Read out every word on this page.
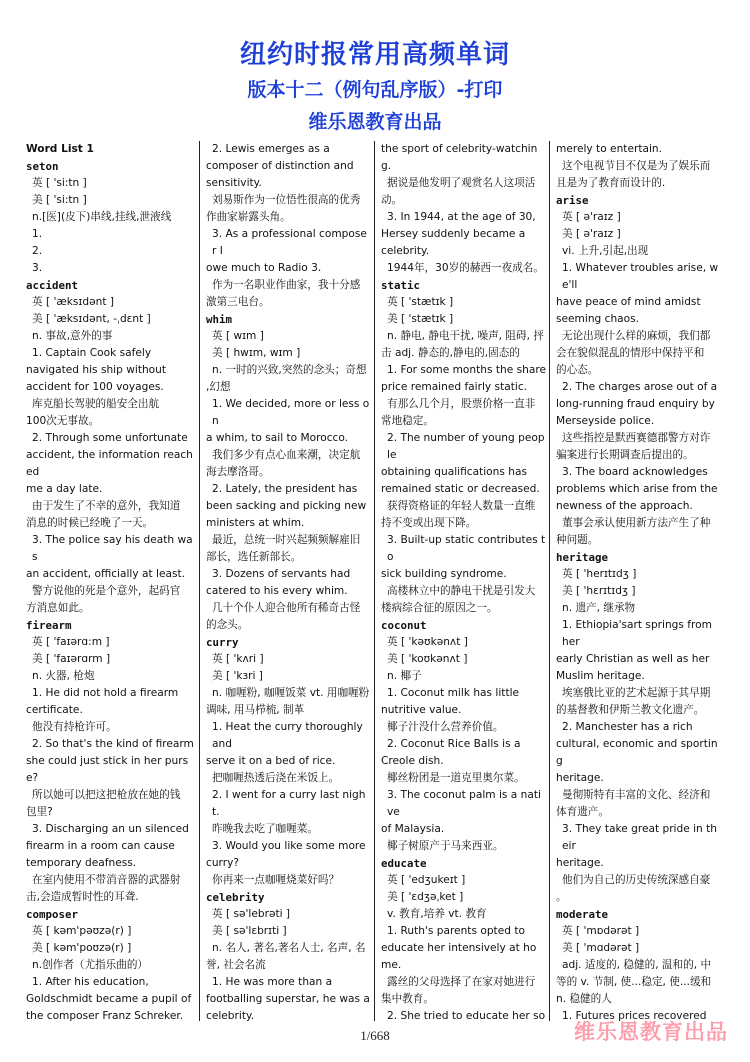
纽约时报常用高频单词
版本十二（例句乱序版）-打印
维乐恩教育出品
Word List 1
seton
英 [ 'si:tn ]
美 [ 'si:tn ]
n.[医](皮下)串线,挂线,泄液线
1.
2.
3.
accident
英 [ 'æksɪdənt ]
美 [ 'æksɪdənt, -ˌdɛnt ]
n. 事故,意外的事
1. Captain Cook safely
navigated his ship without
accident for 100 voyages.
库克船长驾驶的船安全出航
100次无事故。
2. Through some unfortunate
accident, the information reached
me a day late.
由于发生了不幸的意外，我知道
消息的时候已经晚了一天。
3. The police say his death was
an accident, officially at least.
警方说他的死是个意外，起码官
方消息如此。
firearm
英 [ 'faɪərɑ:m ]
美 [ 'faɪərɑrm ]
n. 火器, 枪炮
1. He did not hold a firearm
certificate.
他没有持枪许可。
2. So that's the kind of firearm
she could just stick in her purse?
所以她可以把这把枪放在她的钱
包里?
3. Discharging an un silenced
firearm in a room can cause
temporary deafness.
在室内使用不带消音器的武器射
击,会造成暂时性的耳聋.
composer
英 [ kəm'pəʊzə(r) ]
美 [ kəm'poʊzə(r) ]
n.创作者（尤指乐曲的）
1. After his education,
Goldschmidt became a pupil of
the composer Franz Schreker.
2. Lewis emerges as a
composer of distinction and
sensitivity.
刘易斯作为一位悟性很高的优秀
作曲家崭露头角。
3. As a professional composer I
owe much to Radio 3.
作为一名职业作曲家，我十分感
激第三电台。
whim
英 [ wɪm ]
美 [ hwɪm, wɪm ]
n. 一时的兴致,突然的念头；奇想
,幻想
1. We decided, more or less on
a whim, to sail to Morocco.
我们多少有点心血来潮，决定航
海去摩洛哥。
2. Lately, the president has
been sacking and picking new
ministers at whim.
最近，总统一时兴起频频解雇旧
部长，选任新部长。
3. Dozens of servants had
catered to his every whim.
几十个仆人迎合他所有稀奇古怪
的念头。
curry
英 [ 'kʌri ]
美 [ 'kɜri ]
n. 咖喱粉, 咖喱饭菜 vt. 用咖喱粉
调味, 用马栉梳, 制革
1. Heat the curry thoroughly and
serve it on a bed of rice.
把咖喱热透后浇在米饭上。
2. I went for a curry last night.
昨晚我去吃了咖喱菜。
3. Would you like some more
curry?
你再来一点咖喱烧菜好吗？
celebrity
英 [ sə'lebrəti ]
美 [ sə'lɛbrɪti ]
n. 名人, 著名,著名人士, 名声, 名
誉, 社会名流
1. He was more than a
footballing superstar, he was a
celebrity.
the sport of celebrity-watching.
据说是他发明了观赏名人这项活
动。
3. In 1944, at the age of 30,
Hersey suddenly became a
celebrity.
1944年，30岁的赫西一夜成名。
static
英 [ 'stætɪk ]
美 [ 'stætɪk ]
n. 静电, 静电干扰, 噪声, 阻碍, 抨
击 adj. 静态的,静电的,固态的
1. For some months the share
price remained fairly static.
有那么几个月，股票价格一直非
常地稳定。
2. The number of young people
obtaining qualifications has
remained static or decreased.
获得资格证的年轻人数量一直维
持不变或出现下降。
3. Built-up static contributes to
sick building syndrome.
高楼林立中的静电干扰是引发大
楼病综合征的原因之一。
coconut
英 [ 'kəʊkənʌt ]
美 [ 'koʊkənʌt ]
n. 椰子
1. Coconut milk has little
nutritive value.
椰子汁没什么营养价值。
2. Coconut Rice Balls is a
Creole dish.
椰丝粉团是一道克里奥尔菜。
3. The coconut palm is a native
of Malaysia.
椰子树原产于马来西亚。
educate
英 [ 'edʒukeɪt ]
美 [ 'ɛdʒəˌket ]
v. 教育,培养 vt. 教育
1. Ruth's parents opted to
educate her intensively at home.
露丝的父母选择了在家对她进行
集中教育。
2. She tried to educate her so
merely to entertain.
这个电视节目不仅是为了娱乐而
且是为了教育而设计的.
arise
英 [ ə'raɪz ]
美 [ ə'raɪz ]
vi. 上升,引起,出现
1. Whatever troubles arise, we'll
have peace of mind amidst
seeming chaos.
无论出现什么样的麻烦，我们都
会在貌似混乱的情形中保持平和
的心态。
2. The charges arose out of a
long-running fraud enquiry by
Merseyside police.
这些指控是默西赛德郡警方对诈
骗案进行长期调查后提出的。
3. The board acknowledges
problems which arise from the
newness of the approach.
董事会承认使用新方法产生了种
种问题。
heritage
英 [ 'herɪtɪdʒ ]
美 [ 'hɛrɪtɪdʒ ]
n. 遗产, 继承物
1. Ethiopia'sart springs from her
early Christian as well as her
Muslim heritage.
埃塞俄比亚的艺术起源于其早期
的基督教和伊斯兰教文化遗产。
2. Manchester has a rich
cultural, economic and sporting
heritage.
曼彻斯特有丰富的文化、经济和
体育遗产。
3. They take great pride in their
heritage.
他们为自己的历史传统深感自豪
。
moderate
英 [ 'mɒdərət ]
美 [ 'mɑdərət ]
adj. 适度的, 稳健的, 温和的, 中
等的 v. 节制, 使...稳定, 使...缓和
n. 稳健的人
1. Futures prices recovered
1/668	维乐恩教育出品
